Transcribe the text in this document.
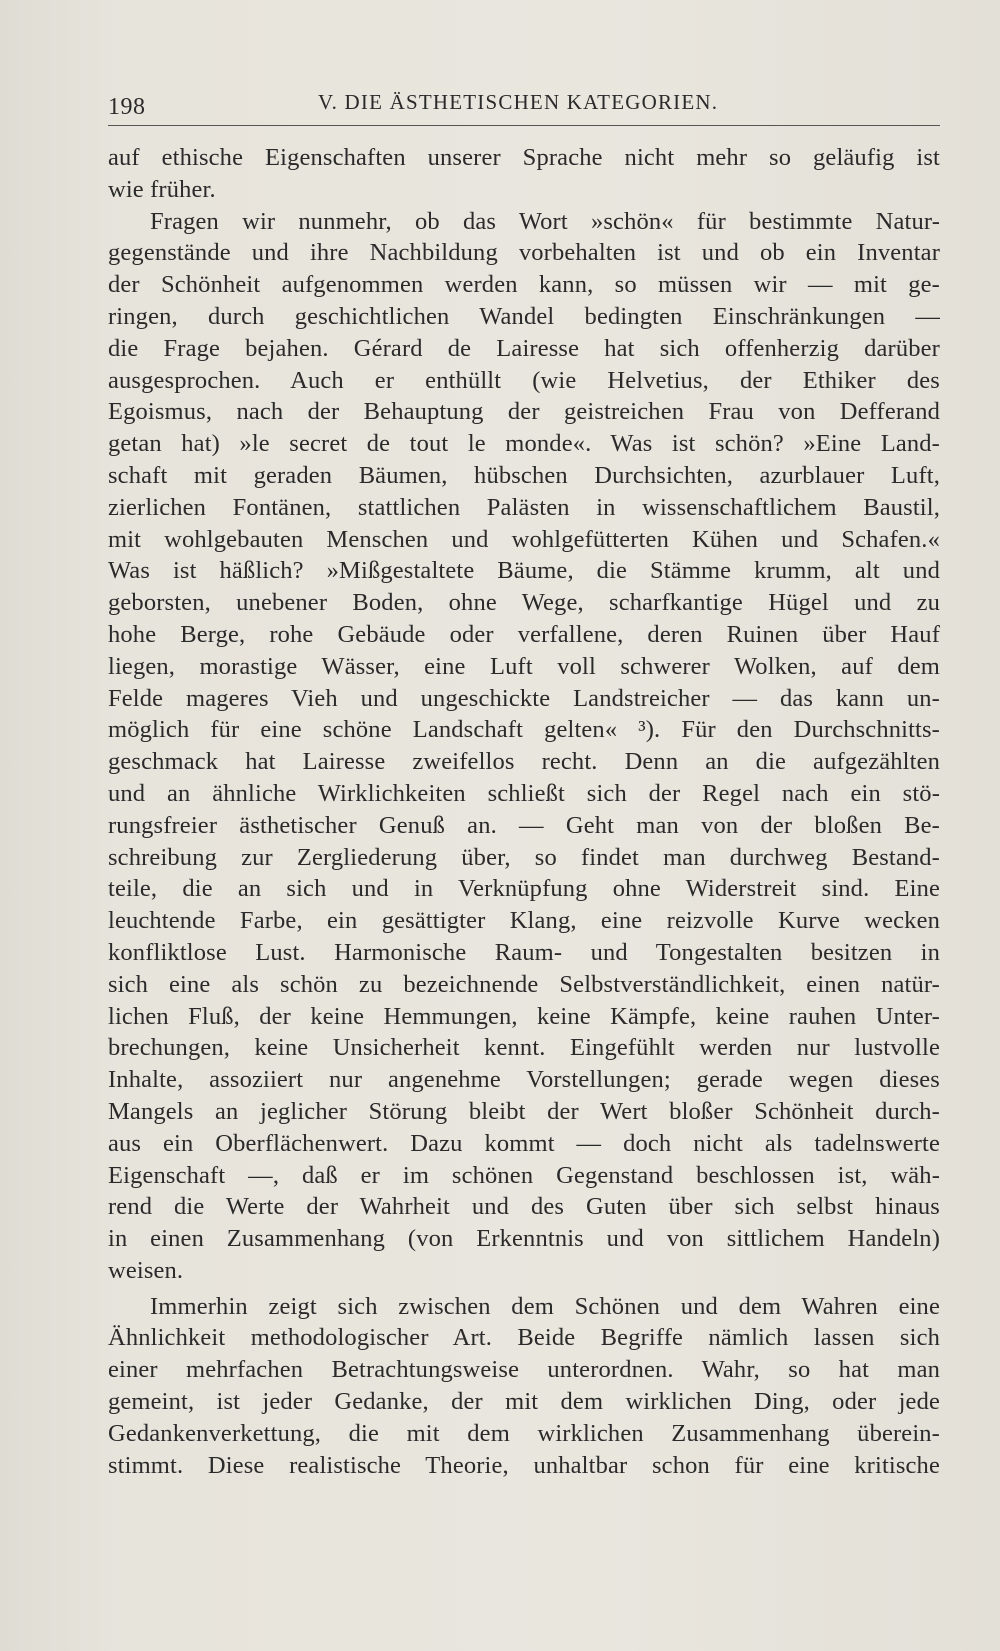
198	V. DIE ÄSTHETISCHEN KATEGORIEN.
auf ethische Eigenschaften unserer Sprache nicht mehr so geläufig ist
wie früher.
Fragen wir nunmehr, ob das Wort »schön« für bestimmte Natur-
gegenstände und ihre Nachbildung vorbehalten ist und ob ein Inventar
der Schönheit aufgenommen werden kann, so müssen wir — mit ge-
ringen, durch geschichtlichen Wandel bedingten Einschränkungen —
die Frage bejahen. Gérard de Lairesse hat sich offenherzig darüber
ausgesprochen. Auch er enthüllt (wie Helvetius, der Ethiker des
Egoismus, nach der Behauptung der geistreichen Frau von Defferand
getan hat) »le secret de tout le monde«. Was ist schön? »Eine Land-
schaft mit geraden Bäumen, hübschen Durchsichten, azurblauer Luft,
zierlichen Fontänen, stattlichen Palästen in wissenschaftlichem Baustil,
mit wohlgebauten Menschen und wohlgefütterten Kühen und Schafen.«
Was ist häßlich? »Mißgestaltete Bäume, die Stämme krumm, alt und
geborsten, unebener Boden, ohne Wege, scharfkantige Hügel und zu
hohe Berge, rohe Gebäude oder verfallene, deren Ruinen über Hauf
liegen, morastige Wässer, eine Luft voll schwerer Wolken, auf dem
Felde mageres Vieh und ungeschickte Landstreicher — das kann un-
möglich für eine schöne Landschaft gelten« ³). Für den Durchschnitts-
geschmack hat Lairesse zweifellos recht. Denn an die aufgezählten
und an ähnliche Wirklichkeiten schließt sich der Regel nach ein stö-
rungsfreier ästhetischer Genuß an. — Geht man von der bloßen Be-
schreibung zur Zergliederung über, so findet man durchweg Bestand-
teile, die an sich und in Verknüpfung ohne Widerstreit sind. Eine
leuchtende Farbe, ein gesättigter Klang, eine reizvolle Kurve wecken
konfliktlose Lust. Harmonische Raum- und Tongestalten besitzen in
sich eine als schön zu bezeichnende Selbstverständlichkeit, einen natür-
lichen Fluß, der keine Hemmungen, keine Kämpfe, keine rauhen Unter-
brechungen, keine Unsicherheit kennt. Eingefühlt werden nur lustvolle
Inhalte, assoziiert nur angenehme Vorstellungen; gerade wegen dieses
Mangels an jeglicher Störung bleibt der Wert bloßer Schönheit durch-
aus ein Oberflächenwert. Dazu kommt — doch nicht als tadelnswerte
Eigenschaft —, daß er im schönen Gegenstand beschlossen ist, wäh-
rend die Werte der Wahrheit und des Guten über sich selbst hinaus
in einen Zusammenhang (von Erkenntnis und von sittlichem Handeln)
weisen.
Immerhin zeigt sich zwischen dem Schönen und dem Wahren eine
Ähnlichkeit methodologischer Art. Beide Begriffe nämlich lassen sich
einer mehrfachen Betrachtungsweise unterordnen. Wahr, so hat man
gemeint, ist jeder Gedanke, der mit dem wirklichen Ding, oder jede
Gedankenverkettung, die mit dem wirklichen Zusammenhang überein-
stimmt. Diese realistische Theorie, unhaltbar schon für eine kritische
